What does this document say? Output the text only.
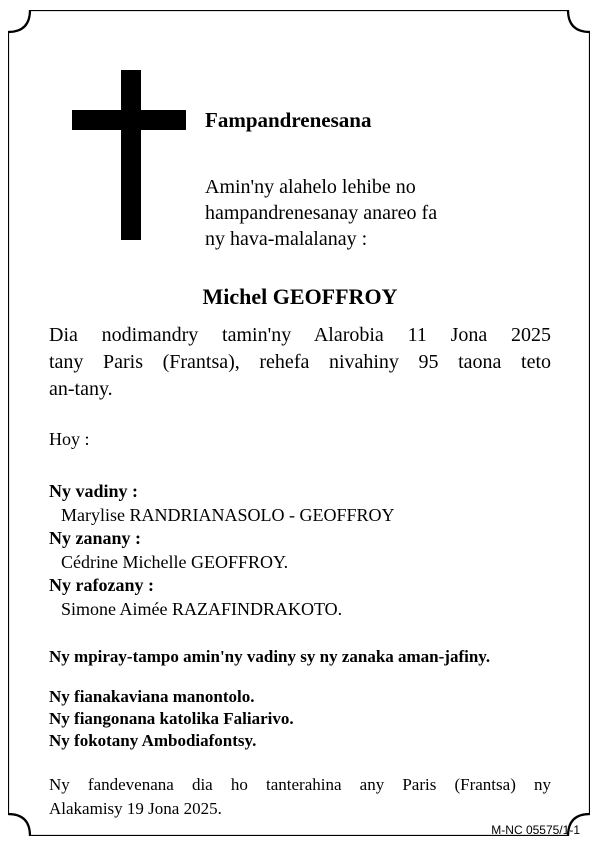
Fampandrenesana
Amin'ny alahelo lehibe no
hampandrenesanay anareo fa
ny hava-malalanay :
Michel GEOFFROY
Dia nodimandry tamin'ny Alarobia 11 Jona 2025
tany Paris (Frantsa), rehefa nivahiny 95 taona teto
an-tany.
Hoy :
Ny vadiny :
Marylise RANDRIANASOLO - GEOFFROY
Ny zanany :
Cédrine Michelle GEOFFROY.
Ny rafozany :
Simone Aimée RAZAFINDRAKOTO.
Ny mpiray-tampo amin'ny vadiny sy ny zanaka aman-jafiny.
Ny fianakaviana manontolo.
Ny fiangonana katolika Faliarivo.
Ny fokotany Ambodiafontsy.
Ny fandevenana dia ho tanterahina any Paris (Frantsa) ny
Alakamisy 19 Jona 2025.
M-NC 05575/1-1
